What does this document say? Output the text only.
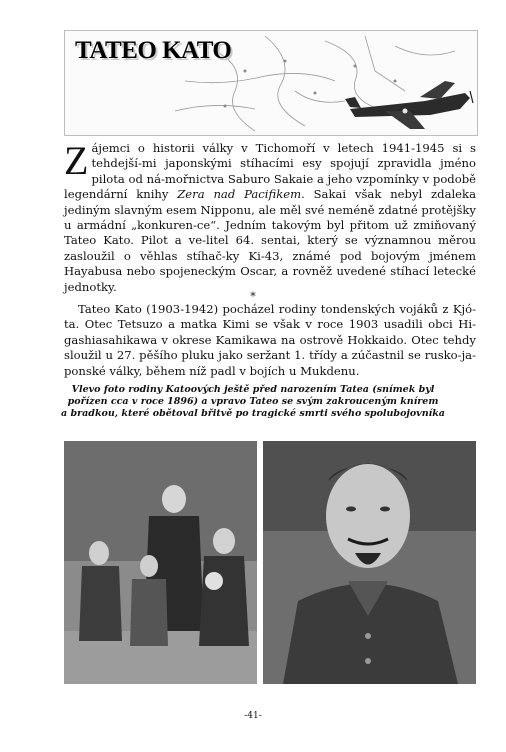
TATEO KATO

Zájemci o historii války v Tichomoří v letech 1941-1945 si s tehdejší-mi japonskými stíhacími esy spojují zpravidla jméno pilota od ná-mořnictva Saburo Sakaie a jeho vzpomínky v podobě legendární knihy Zera nad Pacifikem. Sakai však nebyl zdaleka jediným slavným esem Nipponu, ale měl své neméně zdatné protějšky u armádní „konkuren-ce“. Jedním takovým byl přitom už zmiňovaný Tateo Kato. Pilot a ve-litel 64. sentai, který se významnou měrou zasloužil o věhlas stíhač-ky Ki-43, známé pod bojovým jménem Hayabusa nebo spojeneckým Oscar, a rovněž uvedené stíhací letecké jednotky.

*

Tateo Kato (1903-1942) pocházel rodiny tondenských vojáků z Kjó-ta. Otec Tetsuzo a matka Kimi se však v roce 1903 usadili obci Hi-gashiasahikawa v okrese Kamikawa na ostrově Hokkaido. Otec tehdy sloužil u 27. pěšího pluku jako seržant 1. třídy a zúčastnil se rusko-ja-ponské války, během níž padl v bojích u Mukdenu.

Vlevo foto rodiny Katoových ještě před narozením Tatea (snímek byl
pořízen cca v roce 1896) a vpravo Tateo se svým zakrouceným knírem
a bradkou, které obětoval břitvě po tragické smrti svého spolubojovníka
-41-
